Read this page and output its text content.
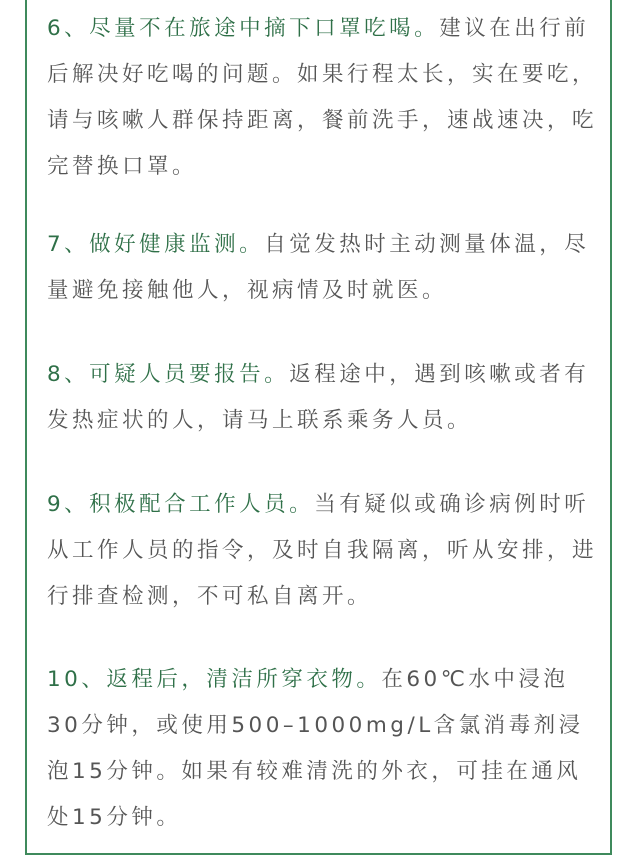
6、尽量不在旅途中摘下口罩吃喝。建议在出行前后解决好吃喝的问题。如果行程太长，实在要吃，请与咳嗽人群保持距离，餐前洗手，速战速决，吃完替换口罩。

7、做好健康监测。自觉发热时主动测量体温，尽量避免接触他人，视病情及时就医。

8、可疑人员要报告。返程途中，遇到咳嗽或者有发热症状的人，请马上联系乘务人员。

9、积极配合工作人员。当有疑似或确诊病例时听从工作人员的指令，及时自我隔离，听从安排，进行排查检测，不可私自离开。

10、返程后，清洁所穿衣物。在60℃水中浸泡30分钟，或使用500–1000mg/L含氯消毒剂浸泡15分钟。如果有较难清洗的外衣，可挂在通风处15分钟。
